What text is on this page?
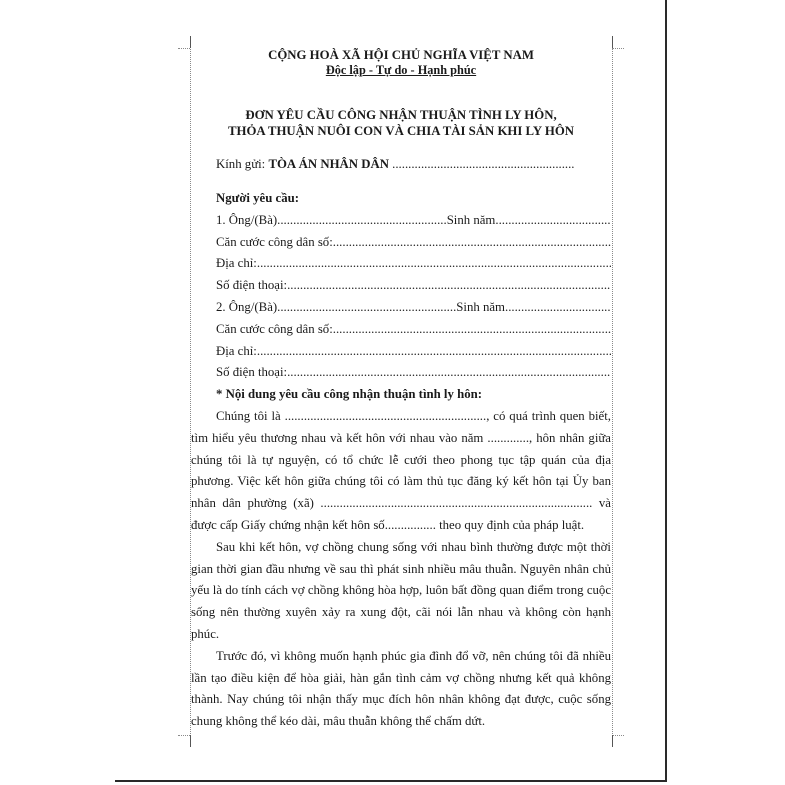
CỘNG HOÀ XÃ HỘI CHỦ NGHĨA VIỆT NAM
Độc lập - Tự do - Hạnh phúc
ĐƠN YÊU CẦU CÔNG NHẬN THUẬN TÌNH LY HÔN,
THỎA THUẬN NUÔI CON VÀ CHIA TÀI SẢN KHI LY HÔN
Kính gửi: TÒA ÁN NHÂN DÂN .........................................................
Người yêu cầu:
1. Ông/(Bà)..................................................... Sinh năm
.....
Căn cước công dân số:
.....
Địa chỉ:
.....
Số điện thoại:
.....
2. Ông/(Bà)........................................................ Sinh năm
.....
Căn cước công dân số:
.....
Địa chỉ:
.....
Số điện thoại:
.....
* Nội dung yêu cầu công nhận thuận tình ly hôn:
Chúng tôi là ..............................................................., có quá trình quen biết, tìm hiểu yêu thương nhau và kết hôn với nhau vào năm ............., hôn nhân giữa chúng tôi là tự nguyện, có tổ chức lễ cưới theo phong tục tập quán của địa phương. Việc kết hôn giữa chúng tôi có làm thủ tục đăng ký kết hôn tại Ủy ban nhân dân phường (xã) ..................................................................................... và được cấp Giấy chứng nhận kết hôn số................ theo quy định của pháp luật.
Sau khi kết hôn, vợ chồng chung sống với nhau bình thường được một thời gian thời gian đầu nhưng về sau thì phát sinh nhiều mâu thuẫn. Nguyên nhân chủ yếu là do tính cách vợ chồng không hòa hợp, luôn bất đồng quan điểm trong cuộc sống nên thường xuyên xảy ra xung đột, cãi nói lẫn nhau và không còn hạnh phúc.
Trước đó, vì không muốn hạnh phúc gia đình đổ vỡ, nên chúng tôi đã nhiều lần tạo điều kiện để hòa giải, hàn gắn tình cảm vợ chồng nhưng kết quả không thành. Nay chúng tôi nhận thấy mục đích hôn nhân không đạt được, cuộc sống chung không thể kéo dài, mâu thuẫn không thể chấm dứt.
